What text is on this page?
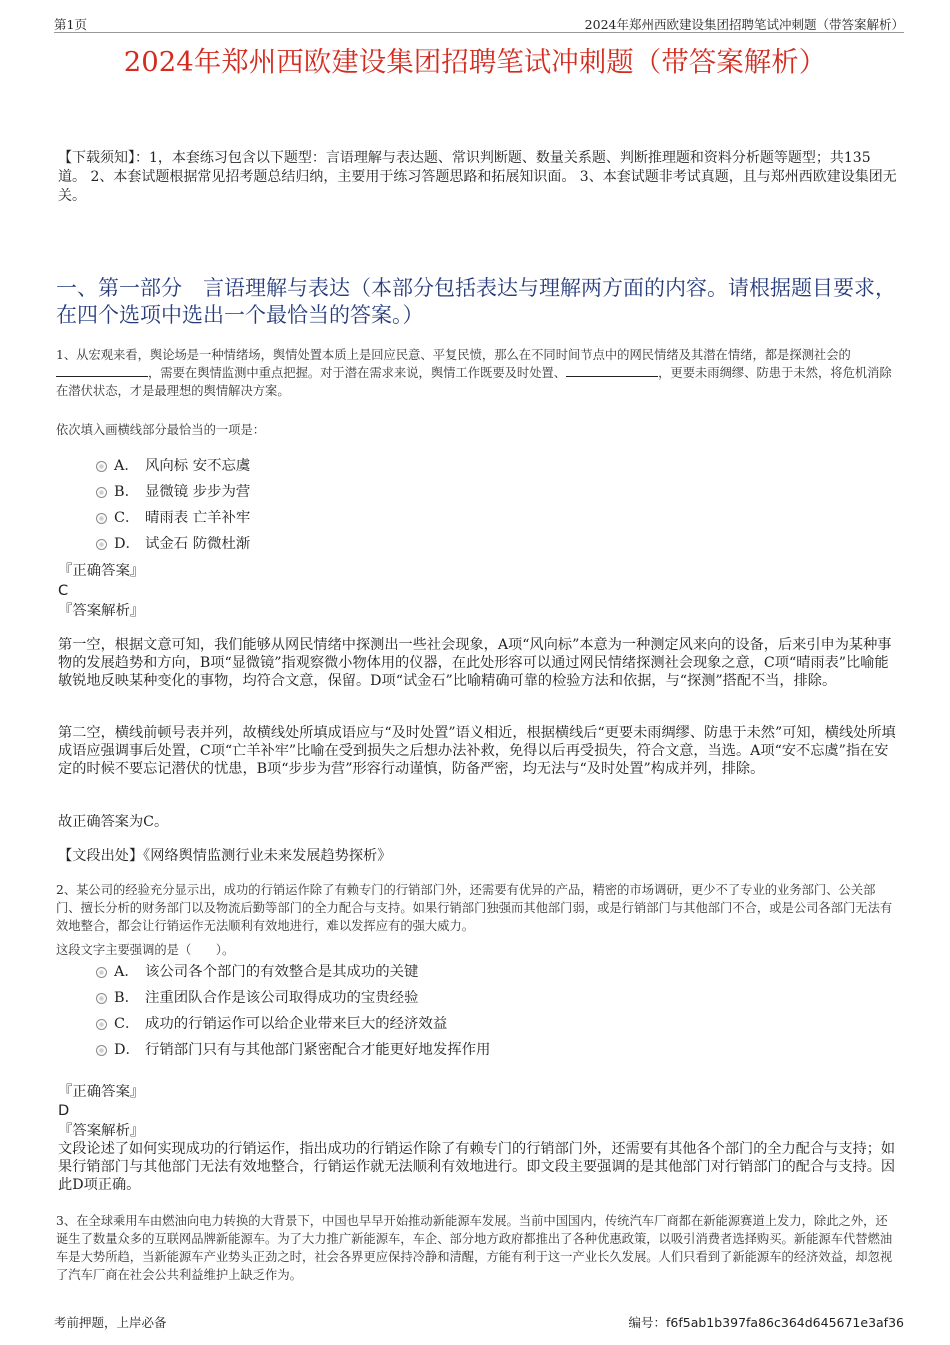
第1页	2024年郑州西欧建设集团招聘笔试冲刺题（带答案解析）
2024年郑州西欧建设集团招聘笔试冲刺题（带答案解析）
【下载须知】：1，本套练习包含以下题型：言语理解与表达题、常识判断题、数量关系题、判断推理题和资料分析题等题型；共135道。 2、本套试题根据常见招考题总结归纳，主要用于练习答题思路和拓展知识面。 3、本套试题非考试真题，且与郑州西欧建设集团无关。
一、第一部分　言语理解与表达（本部分包括表达与理解两方面的内容。请根据题目要求，在四个选项中选出一个最恰当的答案。）
1、从宏观来看，舆论场是一种情绪场，舆情处置本质上是回应民意、平复民愤，那么在不同时间节点中的网民情绪及其潜在情绪，都是探测社会的，需要在舆情监测中重点把握。对于潜在需求来说，舆情工作既要及时处置、	，更要未雨绸缪、防患于未然，将危机消除在潜伏状态，才是最理想的舆情解决方案。
依次填入画横线部分最恰当的一项是：
A． 风向标 安不忘虞
B． 显微镜 步步为营
C． 晴雨表 亡羊补牢
D． 试金石 防微杜渐
『正确答案』
C
『答案解析』
第一空，根据文意可知，我们能够从网民情绪中探测出一些社会现象，A项“风向标”本意为一种测定风来向的设备，后来引申为某种事物的发展趋势和方向，B项“显微镜”指观察微小物体用的仪器，在此处形容可以通过网民情绪探测社会现象之意，C项“晴雨表”比喻能敏锐地反映某种变化的事物，均符合文意，保留。D项“试金石”比喻精确可靠的检验方法和依据，与“探测”搭配不当，排除。
第二空，横线前顿号表并列，故横线处所填成语应与“及时处置”语义相近，根据横线后“更要未雨绸缪、防患于未然”可知，横线处所填成语应强调事后处置，C项“亡羊补牢”比喻在受到损失之后想办法补救，免得以后再受损失，符合文意，当选。A项“安不忘虞”指在安定的时候不要忘记潜伏的忧患，B项“步步为营”形容行动谨慎，防备严密，均无法与“及时处置”构成并列，排除。
故正确答案为C。
【文段出处】《网络舆情监测行业未来发展趋势探析》
2、某公司的经验充分显示出，成功的行销运作除了有赖专门的行销部门外，还需要有优异的产品，精密的市场调研，更少不了专业的业务部门、公关部门、擅长分析的财务部门以及物流后勤等部门的全力配合与支持。如果行销部门独强而其他部门弱，或是行销部门与其他部门不合，或是公司各部门无法有效地整合，都会让行销运作无法顺利有效地进行，难以发挥应有的强大威力。
这段文字主要强调的是（　　）。
A． 该公司各个部门的有效整合是其成功的关键
B． 注重团队合作是该公司取得成功的宝贵经验
C． 成功的行销运作可以给企业带来巨大的经济效益
D． 行销部门只有与其他部门紧密配合才能更好地发挥作用
『正确答案』
D
『答案解析』
文段论述了如何实现成功的行销运作，指出成功的行销运作除了有赖专门的行销部门外，还需要有其他各个部门的全力配合与支持；如果行销部门与其他部门无法有效地整合，行销运作就无法顺利有效地进行。即文段主要强调的是其他部门对行销部门的配合与支持。因此D项正确。
3、在全球乘用车由燃油向电力转换的大背景下，中国也早早开始推动新能源车发展。当前中国国内，传统汽车厂商都在新能源赛道上发力，除此之外，还诞生了数量众多的互联网品牌新能源车。为了大力推广新能源车，车企、部分地方政府都推出了各种优惠政策，以吸引消费者选择购买。新能源车代替燃油车是大势所趋，当新能源车产业势头正劲之时，社会各界更应保持冷静和清醒，方能有利于这一产业长久发展。人们只看到了新能源车的经济效益，却忽视了汽车厂商在社会公共利益维护上缺乏作为。
考前押题，上岸必备	编号：f6f5ab1b397fa86c364d645671e3af36
